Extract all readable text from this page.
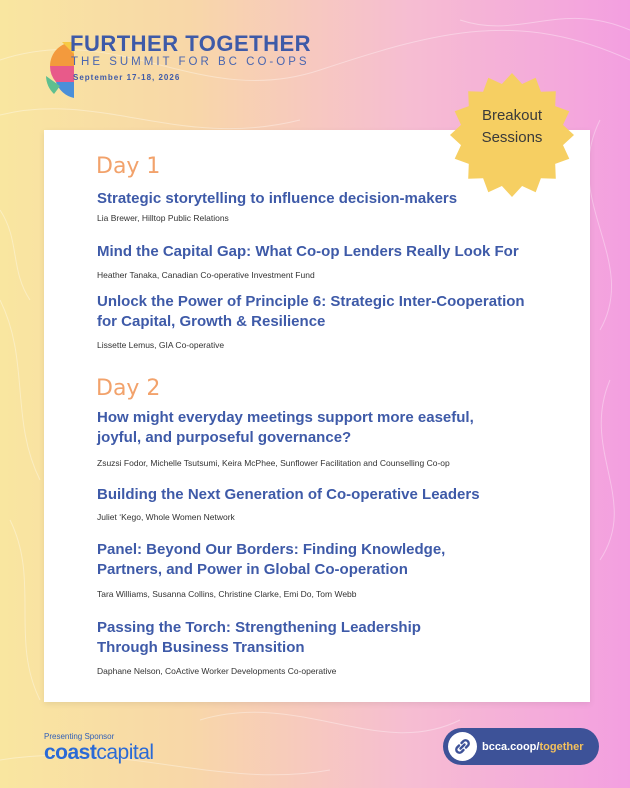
FURTHER TOGETHER
THE SUMMIT FOR BC CO-OPS
September 17-18, 2026
Breakout
Sessions
Day 1
Strategic storytelling to influence decision-makers
Lia Brewer, Hilltop Public Relations
Mind the Capital Gap: What Co-op Lenders Really Look For
Heather Tanaka, Canadian Co-operative Investment Fund
Unlock the Power of Principle 6: Strategic Inter-Cooperation for Capital, Growth & Resilience
Lissette Lemus, GIA Co-operative
Day 2
How might everyday meetings support more easeful, joyful, and purposeful governance?
Zsuzsi Fodor, Michelle Tsutsumi, Keira McPhee, Sunflower Facilitation and Counselling Co-op
Building the Next Generation of Co-operative Leaders
Juliet ‘Kego, Whole Women Network
Panel: Beyond Our Borders: Finding Knowledge, Partners, and Power in Global Co-operation
Tara Williams, Susanna Collins, Christine Clarke, Emi Do, Tom Webb
Passing the Torch: Strengthening Leadership Through Business Transition
Daphane Nelson, CoActive Worker Developments Co-operative
Presenting Sponsor
coastcapital	bcca.coop/together
